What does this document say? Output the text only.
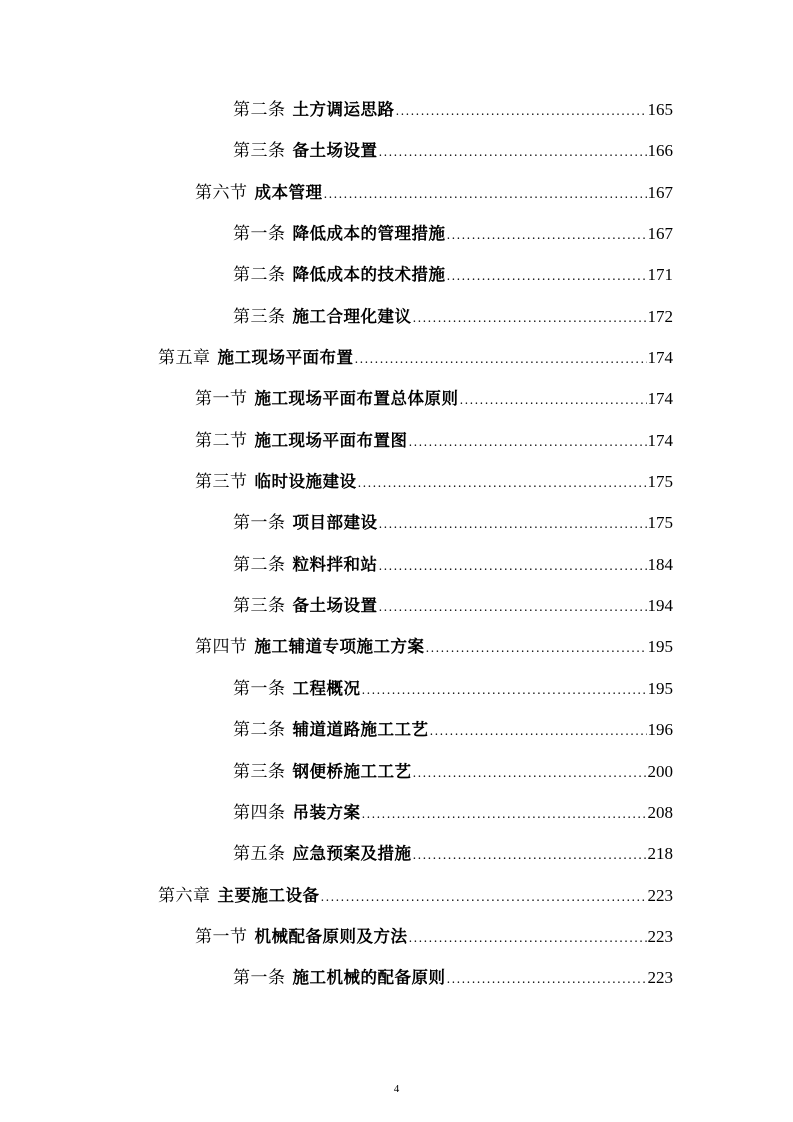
第二条 土方调运思路 .....	165
第三条 备土场设置 .....	166
第六节 成本管理 .....	167
第一条 降低成本的管理措施 .....	167
第二条 降低成本的技术措施 .....	171
第三条 施工合理化建议 .....	172
第五章 施工现场平面布置 .....	174
第一节 施工现场平面布置总体原则 .....	174
第二节 施工现场平面布置图 .....	174
第三节 临时设施建设 .....	175
第一条 项目部建设 .....	175
第二条 粒料拌和站 .....	184
第三条 备土场设置 .....	194
第四节 施工辅道专项施工方案 .....	195
第一条 工程概况 .....	195
第二条 辅道道路施工工艺 .....	196
第三条 钢便桥施工工艺 .....	200
第四条 吊装方案 .....	208
第五条 应急预案及措施 .....	218
第六章 主要施工设备 .....	223
第一节 机械配备原则及方法 .....	223
第一条 施工机械的配备原则 .....	223
4
